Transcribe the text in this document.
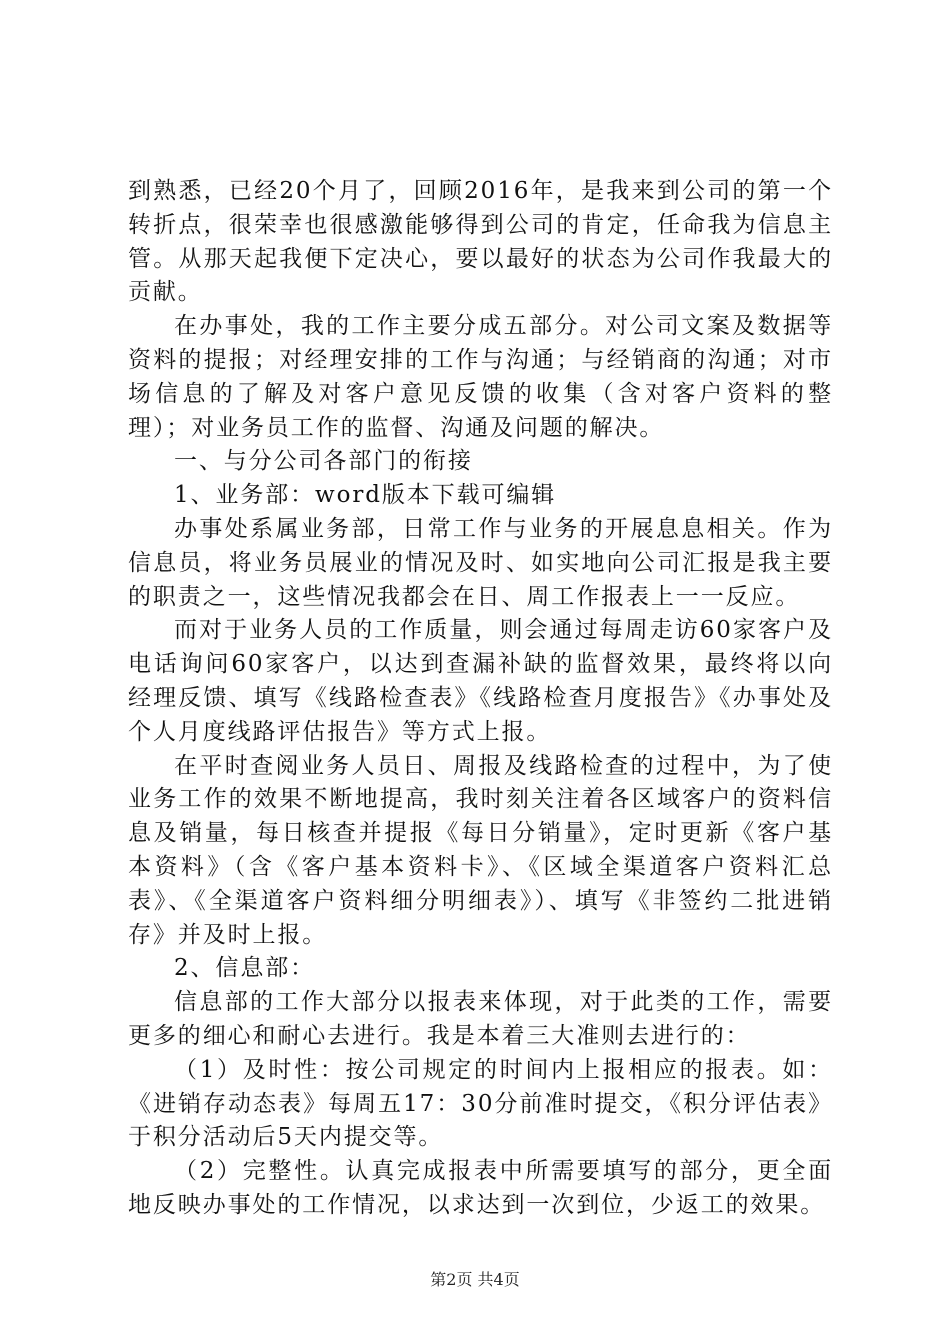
到熟悉，已经20个月了，回顾2016年，是我来到公司的第一个转折点，很荣幸也很感激能够得到公司的肯定，任命我为信息主管。从那天起我便下定决心，要以最好的状态为公司作我最大的贡献。

在办事处，我的工作主要分成五部分。对公司文案及数据等资料的提报；对经理安排的工作与沟通；与经销商的沟通；对市场信息的了解及对客户意见反馈的收集（含对客户资料的整理）；对业务员工作的监督、沟通及问题的解决。

一、与分公司各部门的衔接

1、业务部：word版本下载可编辑

办事处系属业务部，日常工作与业务的开展息息相关。作为信息员，将业务员展业的情况及时、如实地向公司汇报是我主要的职责之一，这些情况我都会在日、周工作报表上一一反应。

而对于业务人员的工作质量，则会通过每周走访60家客户及电话询问60家客户，以达到查漏补缺的监督效果，最终将以向经理反馈、填写《线路检查表》《线路检查月度报告》《办事处及个人月度线路评估报告》等方式上报。

在平时查阅业务人员日、周报及线路检查的过程中，为了使业务工作的效果不断地提高，我时刻关注着各区域客户的资料信息及销量，每日核查并提报《每日分销量》，定时更新《客户基本资料》（含《客户基本资料卡》、《区域全渠道客户资料汇总表》、《全渠道客户资料细分明细表》）、填写《非签约二批进销存》并及时上报。

2、信息部：

信息部的工作大部分以报表来体现，对于此类的工作，需要更多的细心和耐心去进行。我是本着三大准则去进行的：

（1）及时性：按公司规定的时间内上报相应的报表。如：《进销存动态表》每周五17：30分前准时提交，《积分评估表》于积分活动后5天内提交等。

（2）完整性。认真完成报表中所需要填写的部分，更全面地反映办事处的工作情况，以求达到一次到位，少返工的效果。

第2页 共4页
